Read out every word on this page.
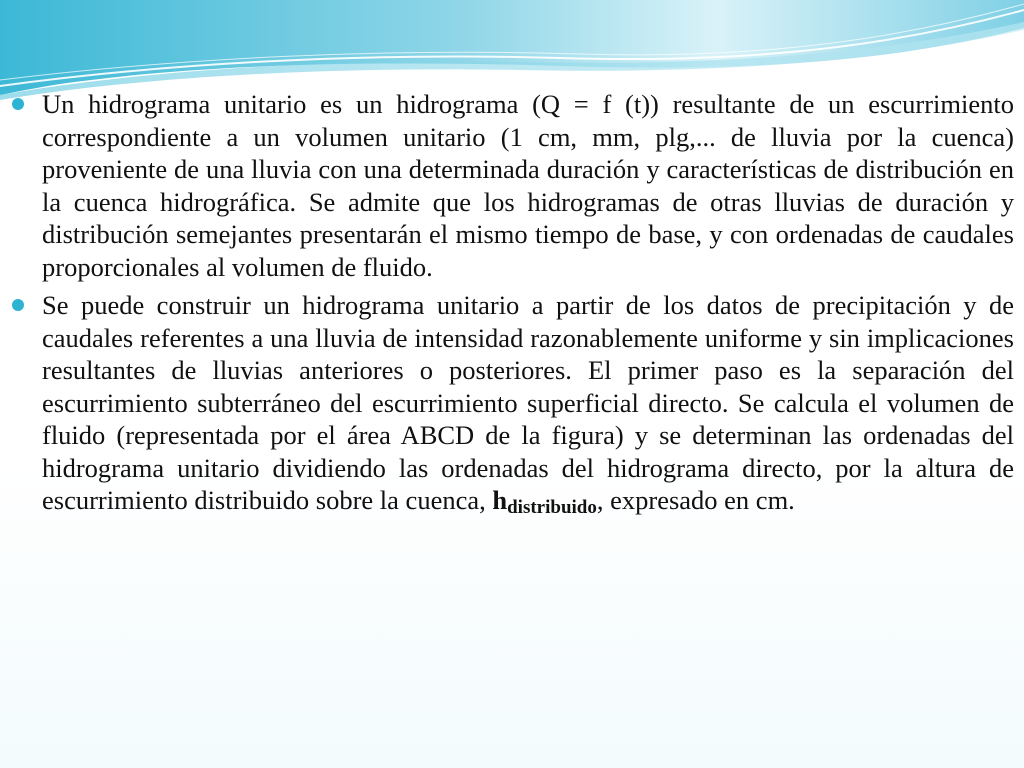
Un hidrograma unitario es un hidrograma (Q = f (t)) resultante de un escurrimiento correspondiente a un volumen unitario (1 cm, mm, plg,... de lluvia por la cuenca) proveniente de una lluvia con una determinada duración y características de distribución en la cuenca hidrográfica. Se admite que los hidrogramas de otras lluvias de duración y distribución semejantes presentarán el mismo tiempo de base, y con ordenadas de caudales proporcionales al volumen de fluido.

Se puede construir un hidrograma unitario a partir de los datos de precipitación y de caudales referentes a una lluvia de intensidad razonablemente uniforme y sin implicaciones resultantes de lluvias anteriores o posteriores. El primer paso es la separación del escurrimiento subterráneo del escurrimiento superficial directo. Se calcula el volumen de fluido (representada por el área ABCD de la figura) y se determinan las ordenadas del hidrograma unitario dividiendo las ordenadas del hidrograma directo, por la altura de escurrimiento distribuido sobre la cuenca, $h_{distribuido}$, expresado en cm.
